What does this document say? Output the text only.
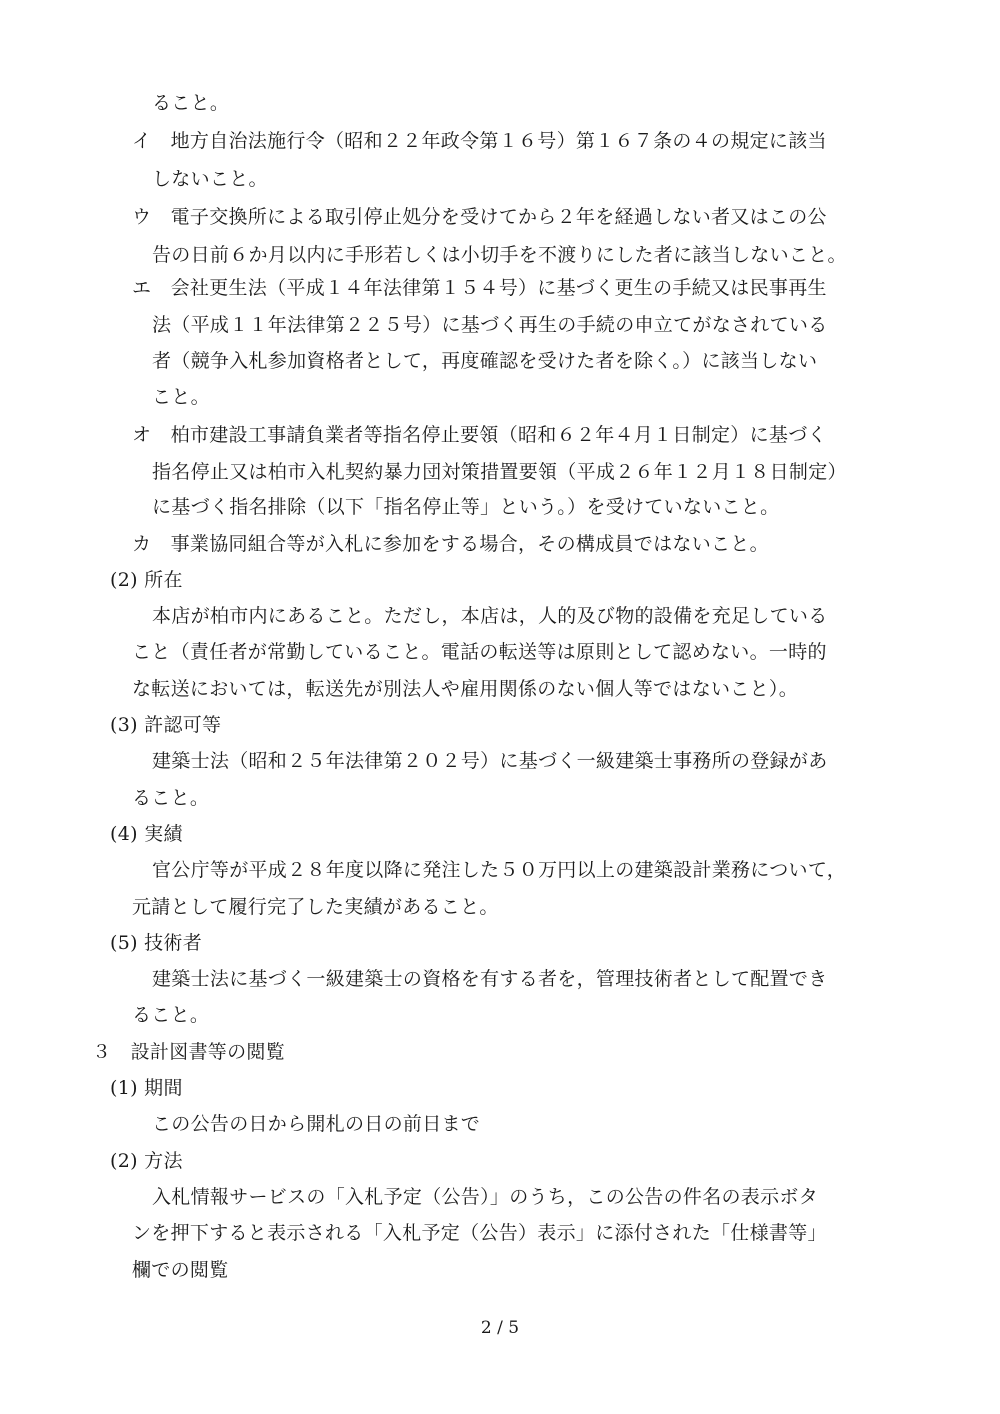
ること。
イ　地方自治法施行令（昭和２２年政令第１６号）第１６７条の４の規定に該当
しないこと。
ウ　電子交換所による取引停止処分を受けてから２年を経過しない者又はこの公
告の日前６か月以内に手形若しくは小切手を不渡りにした者に該当しないこと。
エ　会社更生法（平成１４年法律第１５４号）に基づく更生の手続又は民事再生
法（平成１１年法律第２２５号）に基づく再生の手続の申立てがなされている
者（競争入札参加資格者として，再度確認を受けた者を除く。）に該当しない
こと。
オ　柏市建設工事請負業者等指名停止要領（昭和６２年４月１日制定）に基づく
指名停止又は柏市入札契約暴力団対策措置要領（平成２６年１２月１８日制定）
に基づく指名排除（以下「指名停止等」という。）を受けていないこと。
カ　事業協同組合等が入札に参加をする場合，その構成員ではないこと。
(2) 所在
本店が柏市内にあること。ただし，本店は，人的及び物的設備を充足している
こと（責任者が常勤していること。電話の転送等は原則として認めない。一時的
な転送においては，転送先が別法人や雇用関係のない個人等ではないこと）。
(3) 許認可等
建築士法（昭和２５年法律第２０２号）に基づく一級建築士事務所の登録があ
ること。
(4) 実績
官公庁等が平成２８年度以降に発注した５０万円以上の建築設計業務について，
元請として履行完了した実績があること。
(5) 技術者
建築士法に基づく一級建築士の資格を有する者を，管理技術者として配置でき
ること。
３　設計図書等の閲覧
(1) 期間
この公告の日から開札の日の前日まで
(2) 方法
入札情報サービスの「入札予定（公告）」のうち，この公告の件名の表示ボタ
ンを押下すると表示される「入札予定（公告）表示」に添付された「仕様書等」
欄での閲覧
2 / 5
